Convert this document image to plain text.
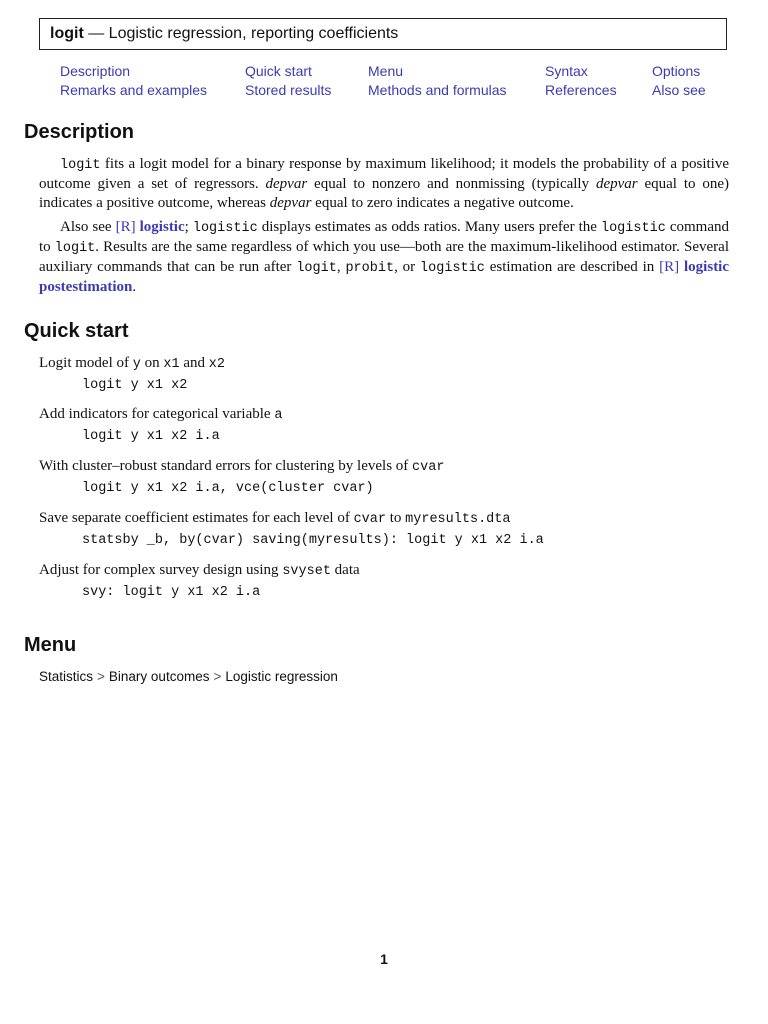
logit — Logistic regression, reporting coefficients
Description	Quick start	Menu	Syntax	Options
Remarks and examples	Stored results	Methods and formulas	References	Also see
Description

logit fits a logit model for a binary response by maximum likelihood; it models the probability of a positive outcome given a set of regressors. depvar equal to nonzero and nonmissing (typically depvar equal to one) indicates a positive outcome, whereas depvar equal to zero indicates a negative outcome.

Also see [R] logistic; logistic displays estimates as odds ratios. Many users prefer the logistic command to logit. Results are the same regardless of which you use—both are the maximum-likelihood estimator. Several auxiliary commands that can be run after logit, probit, or logistic estimation are described in [R] logistic postestimation.

Quick start
Logit model of y on x1 and x2
logit y x1 x2
Add indicators for categorical variable a
logit y x1 x2 i.a
With cluster–robust standard errors for clustering by levels of cvar
logit y x1 x2 i.a, vce(cluster cvar)
Save separate coefficient estimates for each level of cvar to myresults.dta
statsby _b, by(cvar) saving(myresults): logit y x1 x2 i.a
Adjust for complex survey design using svyset data
svy: logit y x1 x2 i.a
Menu
Statistics > Binary outcomes > Logistic regression
1
